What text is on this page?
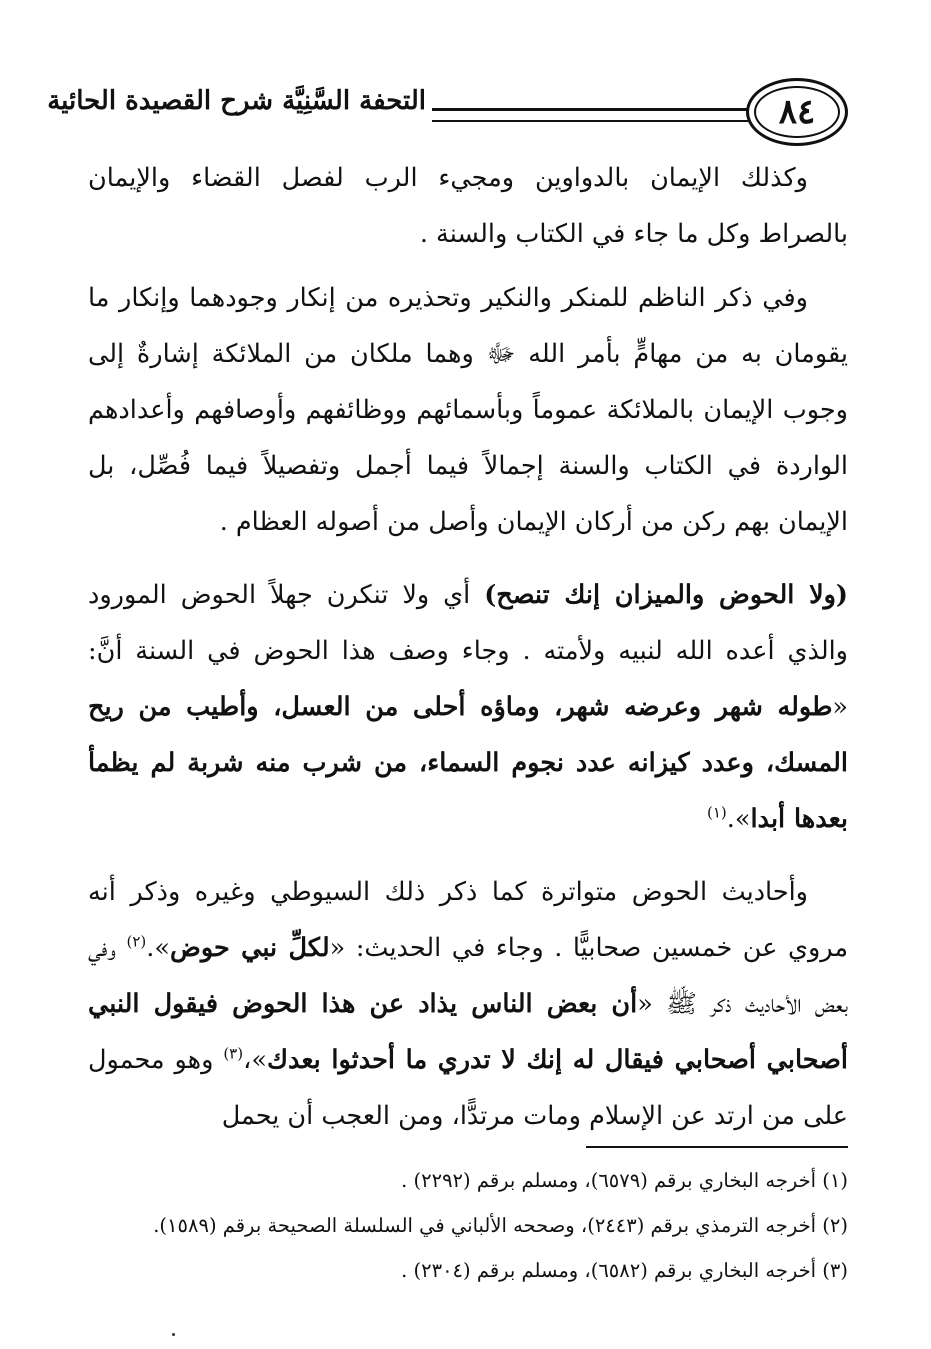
٨٤
التحفة السَّنِيَّة شرح القصيدة الحائية

وكذلك الإيمان بالدواوين ومجيء الرب لفصل القضاء والإيمان بالصراط وكل ما جاء في الكتاب والسنة .

وفي ذكر الناظم للمنكر والنكير وتحذيره من إنكار وجودهما وإنكار ما يقومان به من مهامٍّ بأمر الله ﷻ وهما ملكان من الملائكة إشارةٌ إلى وجوب الإيمان بالملائكة عموماً وبأسمائهم ووظائفهم وأوصافهم وأعدادهم الواردة في الكتاب والسنة إجمالاً فيما أجمل وتفصيلاً فيما فُصِّل، بل الإيمان بهم ركن من أركان الإيمان وأصل من أصوله العظام .

(ولا الحوض والميزان إنك تنصح) أي ولا تنكرن جهلاً الحوض المورود والذي أعده الله لنبيه ولأمته . وجاء وصف هذا الحوض في السنة أنَّ: «طوله شهر وعرضه شهر، وماؤه أحلى من العسل، وأطيب من ريح المسك، وعدد كيزانه عدد نجوم السماء، من شرب منه شربة لم يظمأ بعدها أبدا».$^{(١)}$

وأحاديث الحوض متواترة كما ذكر ذلك السيوطي وغيره وذكر أنه مروي عن خمسين صحابيًّا . وجاء في الحديث: «لكلِّ نبي حوض».$^{(٢)}$ وفي بعض الأحاديث ذكر ﷺ «أن بعض الناس يذاد عن هذا الحوض فيقول النبي أصحابي أصحابي فيقال له إنك لا تدري ما أحدثوا بعدك»،$^{(٣)}$ وهو محمول على من ارتد عن الإسلام ومات مرتدًّا، ومن العجب أن يحمل

(١) أخرجه البخاري برقم (٦٥٧٩)، ومسلم برقم (٢٢٩٢) .
(٢) أخرجه الترمذي برقم (٢٤٤٣)، وصححه الألباني في السلسلة الصحيحة برقم (١٥٨٩).
(٣) أخرجه البخاري برقم (٦٥٨٢)، ومسلم برقم (٢٣٠٤) .
